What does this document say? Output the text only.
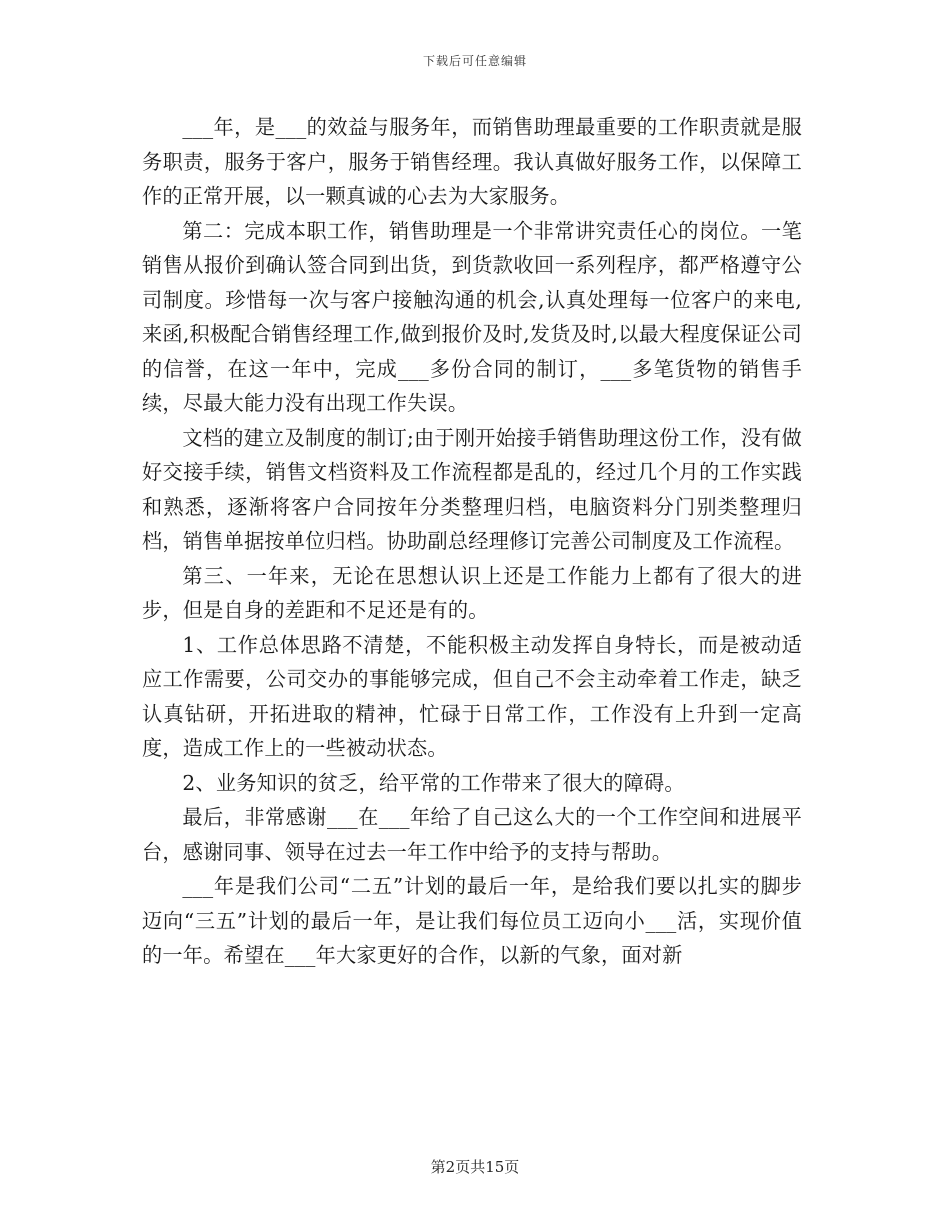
下载后可任意编辑

___年，是___的效益与服务年，而销售助理最重要的工作职责就是服务职责，服务于客户，服务于销售经理。我认真做好服务工作，以保障工作的正常开展，以一颗真诚的心去为大家服务。

第二：完成本职工作，销售助理是一个非常讲究责任心的岗位。一笔销售从报价到确认签合同到出货，到货款收回一系列程序，都严格遵守公司制度。珍惜每一次与客户接触沟通的机会,认真处理每一位客户的来电,来函,积极配合销售经理工作,做到报价及时,发货及时,以最大程度保证公司的信誉，在这一年中，完成___多份合同的制订，___多笔货物的销售手续，尽最大能力没有出现工作失误。

文档的建立及制度的制订;由于刚开始接手销售助理这份工作，没有做好交接手续，销售文档资料及工作流程都是乱的，经过几个月的工作实践和熟悉，逐渐将客户合同按年分类整理归档，电脑资料分门别类整理归档，销售单据按单位归档。协助副总经理修订完善公司制度及工作流程。

第三、一年来，无论在思想认识上还是工作能力上都有了很大的进步，但是自身的差距和不足还是有的。

1、工作总体思路不清楚，不能积极主动发挥自身特长，而是被动适应工作需要，公司交办的事能够完成，但自己不会主动牵着工作走，缺乏认真钻研，开拓进取的精神，忙碌于日常工作，工作没有上升到一定高度，造成工作上的一些被动状态。

2、业务知识的贫乏，给平常的工作带来了很大的障碍。

最后，非常感谢___在___年给了自己这么大的一个工作空间和进展平台，感谢同事、领导在过去一年工作中给予的支持与帮助。

___年是我们公司“二五”计划的最后一年，是给我们要以扎实的脚步迈向“三五”计划的最后一年，是让我们每位员工迈向小___活，实现价值的一年。希望在___年大家更好的合作，以新的气象，面对新

第2页共15页
